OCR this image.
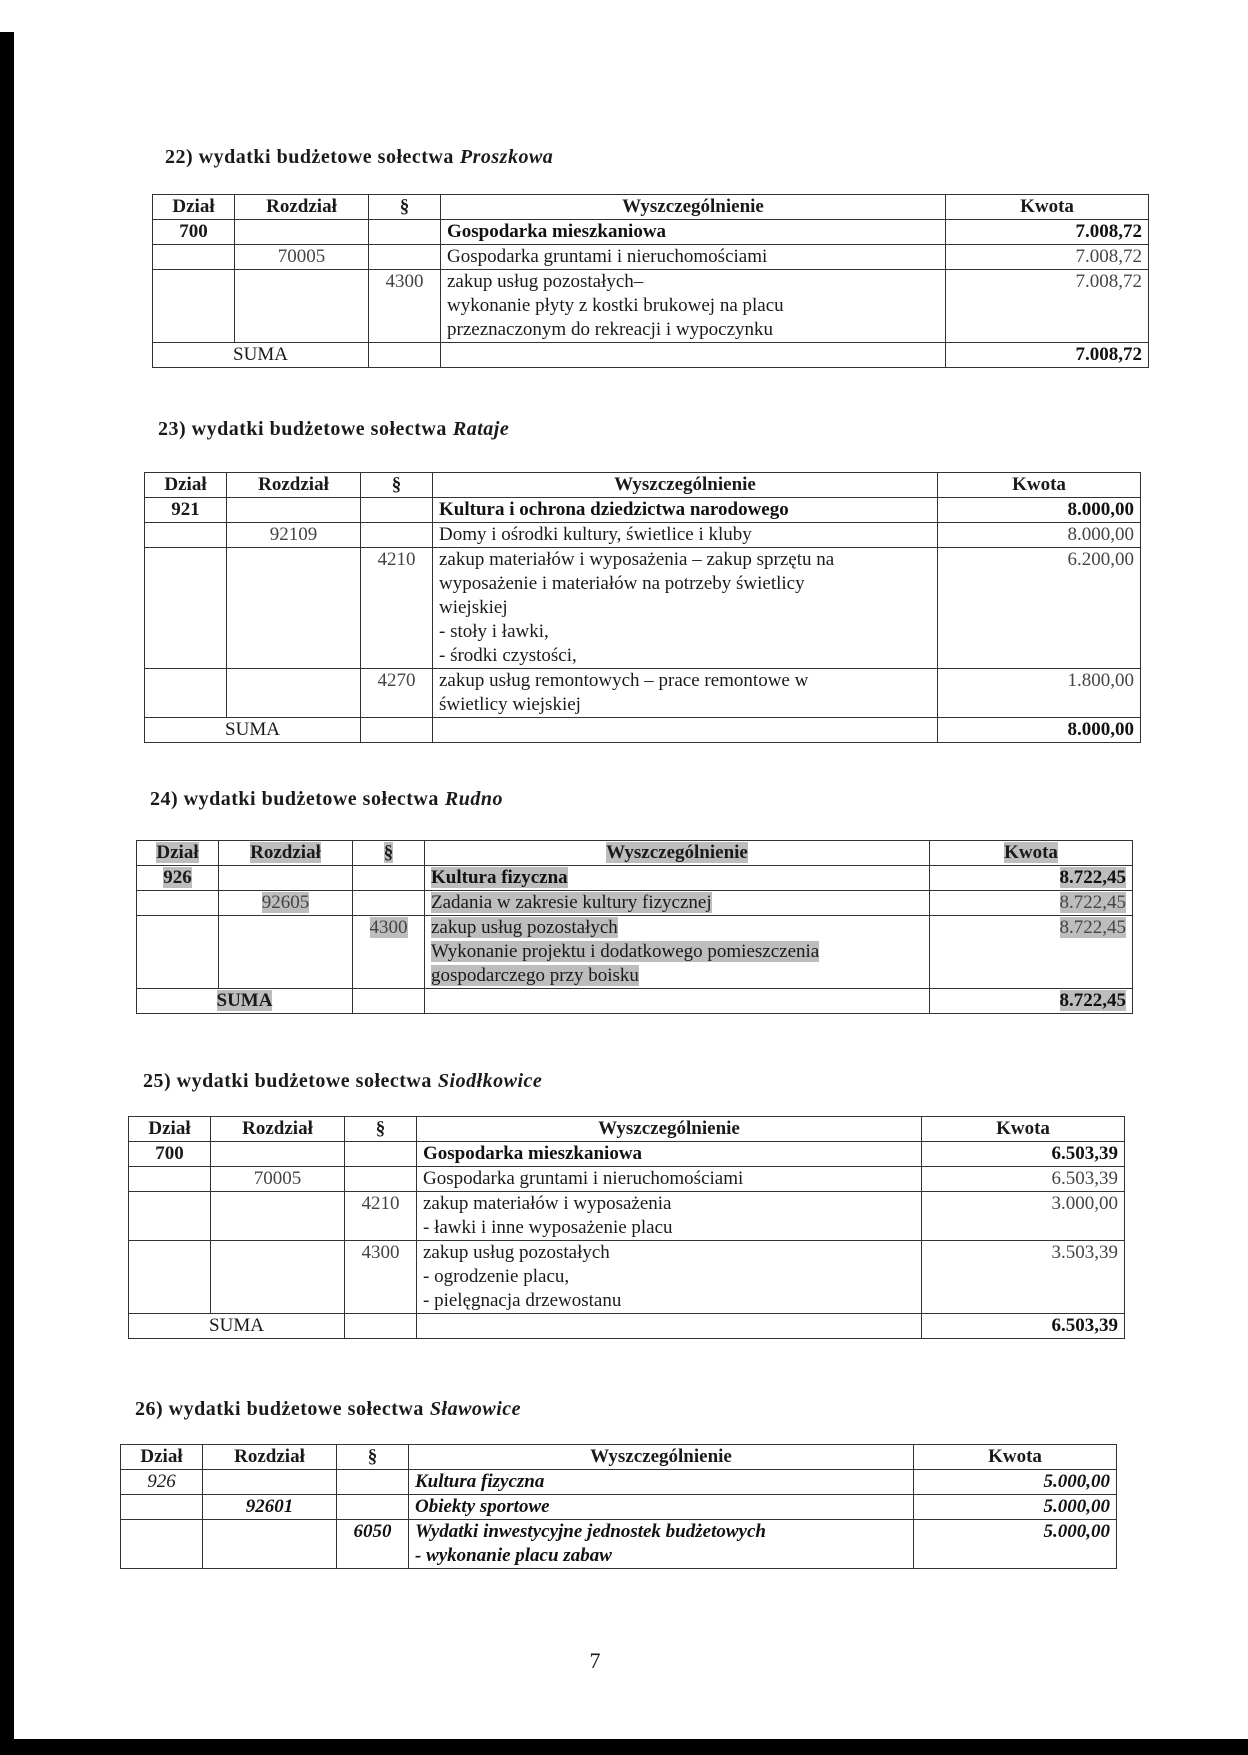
22) wydatki budżetowe sołectwa Proszkowa
Dział	Rozdział	§	Wyszczególnienie	Kwota
700			Gospodarka mieszkaniowa	7.008,72
	70005		Gospodarka gruntami i nieruchomościami	7.008,72
		4300	zakup usług pozostałych–
wykonanie płyty z kostki brukowej na placu
przeznaczonym do rekreacji i wypoczynku	7.008,72
SUMA				7.008,72
23) wydatki budżetowe sołectwa Rataje
Dział	Rozdział	§	Wyszczególnienie	Kwota
921			Kultura i ochrona dziedzictwa narodowego	8.000,00
	92109		Domy i ośrodki kultury, świetlice i kluby	8.000,00
		4210	zakup materiałów i wyposażenia – zakup sprzętu na
wyposażenie i materiałów na potrzeby świetlicy
wiejskiej
- stoły i ławki,
- środki czystości,	6.200,00
		4270	zakup usług remontowych – prace remontowe w
świetlicy wiejskiej	1.800,00
SUMA				8.000,00
24) wydatki budżetowe sołectwa Rudno
Dział	Rozdział	§	Wyszczególnienie	Kwota
926			Kultura fizyczna	8.722,45
	92605		Zadania w zakresie kultury fizycznej	8.722,45
		4300	zakup usług pozostałych
Wykonanie projektu i dodatkowego pomieszczenia
gospodarczego przy boisku	8.722,45
SUMA				8.722,45
25) wydatki budżetowe sołectwa Siodłkowice
Dział	Rozdział	§	Wyszczególnienie	Kwota
700			Gospodarka mieszkaniowa	6.503,39
	70005		Gospodarka gruntami i nieruchomościami	6.503,39
		4210	zakup materiałów i wyposażenia
- ławki i inne wyposażenie placu	3.000,00
		4300	zakup usług pozostałych
- ogrodzenie placu,
- pielęgnacja drzewostanu	3.503,39
SUMA				6.503,39
26) wydatki budżetowe sołectwa Sławowice
Dział	Rozdział	§	Wyszczególnienie	Kwota
926			Kultura fizyczna	5.000,00
	92601		Obiekty sportowe	5.000,00
		6050	Wydatki inwestycyjne jednostek budżetowych
- wykonanie placu zabaw	5.000,00
7
